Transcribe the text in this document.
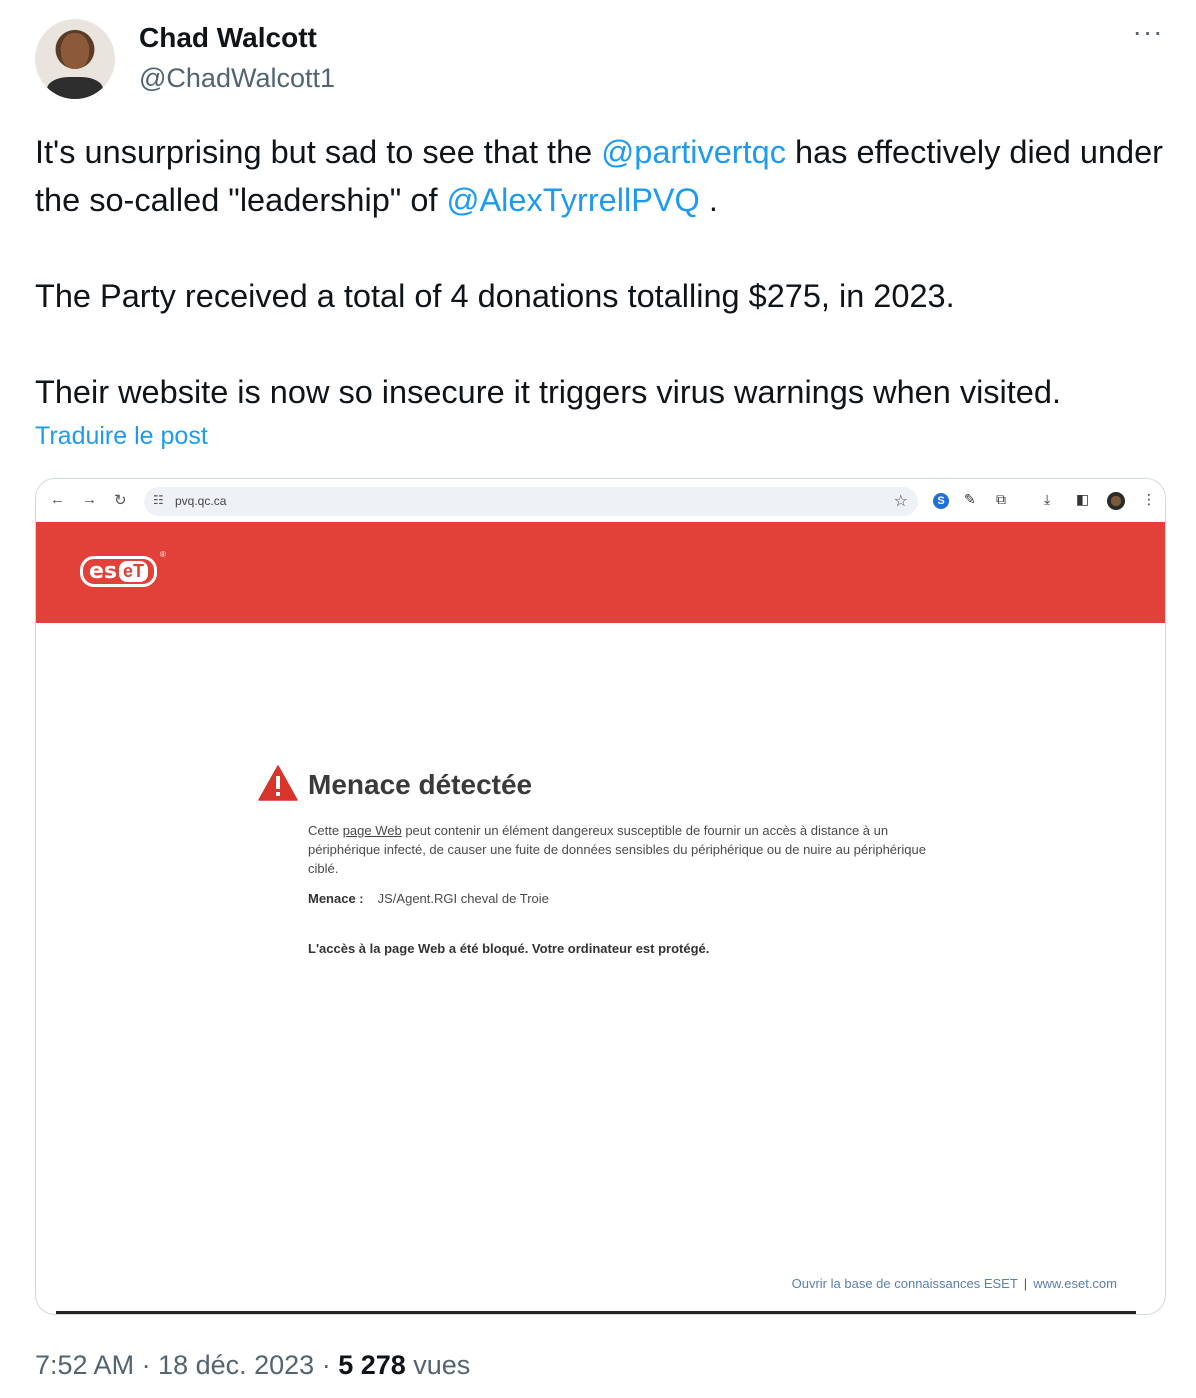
Chad Walcott
@ChadWalcott1
···

It's unsurprising but sad to see that the @partivertqc has effectively died under the so-called "leadership" of @AlexTyrrellPVQ .

The Party received a total of 4 donations totalling $275, in 2023.

Their website is now so insecure it triggers virus warnings when visited.

Traduire le post
← → ↻ ☷ pvq.qc.ca	☆	S	✎ ⧉	⤓ ◧	⋮
es eT
®
Menace détectée
Cette page Web peut contenir un élément dangereux susceptible de fournir un accès à distance à un périphérique infecté, de causer une fuite de données sensibles du périphérique ou de nuire au périphérique ciblé.
Menace : JS/Agent.RGI cheval de Troie
L'accès à la page Web a été bloqué. Votre ordinateur est protégé.
Ouvrir la base de connaissances ESET | www.eset.com
7:52 AM · 18 déc. 2023 · 5 278 vues
